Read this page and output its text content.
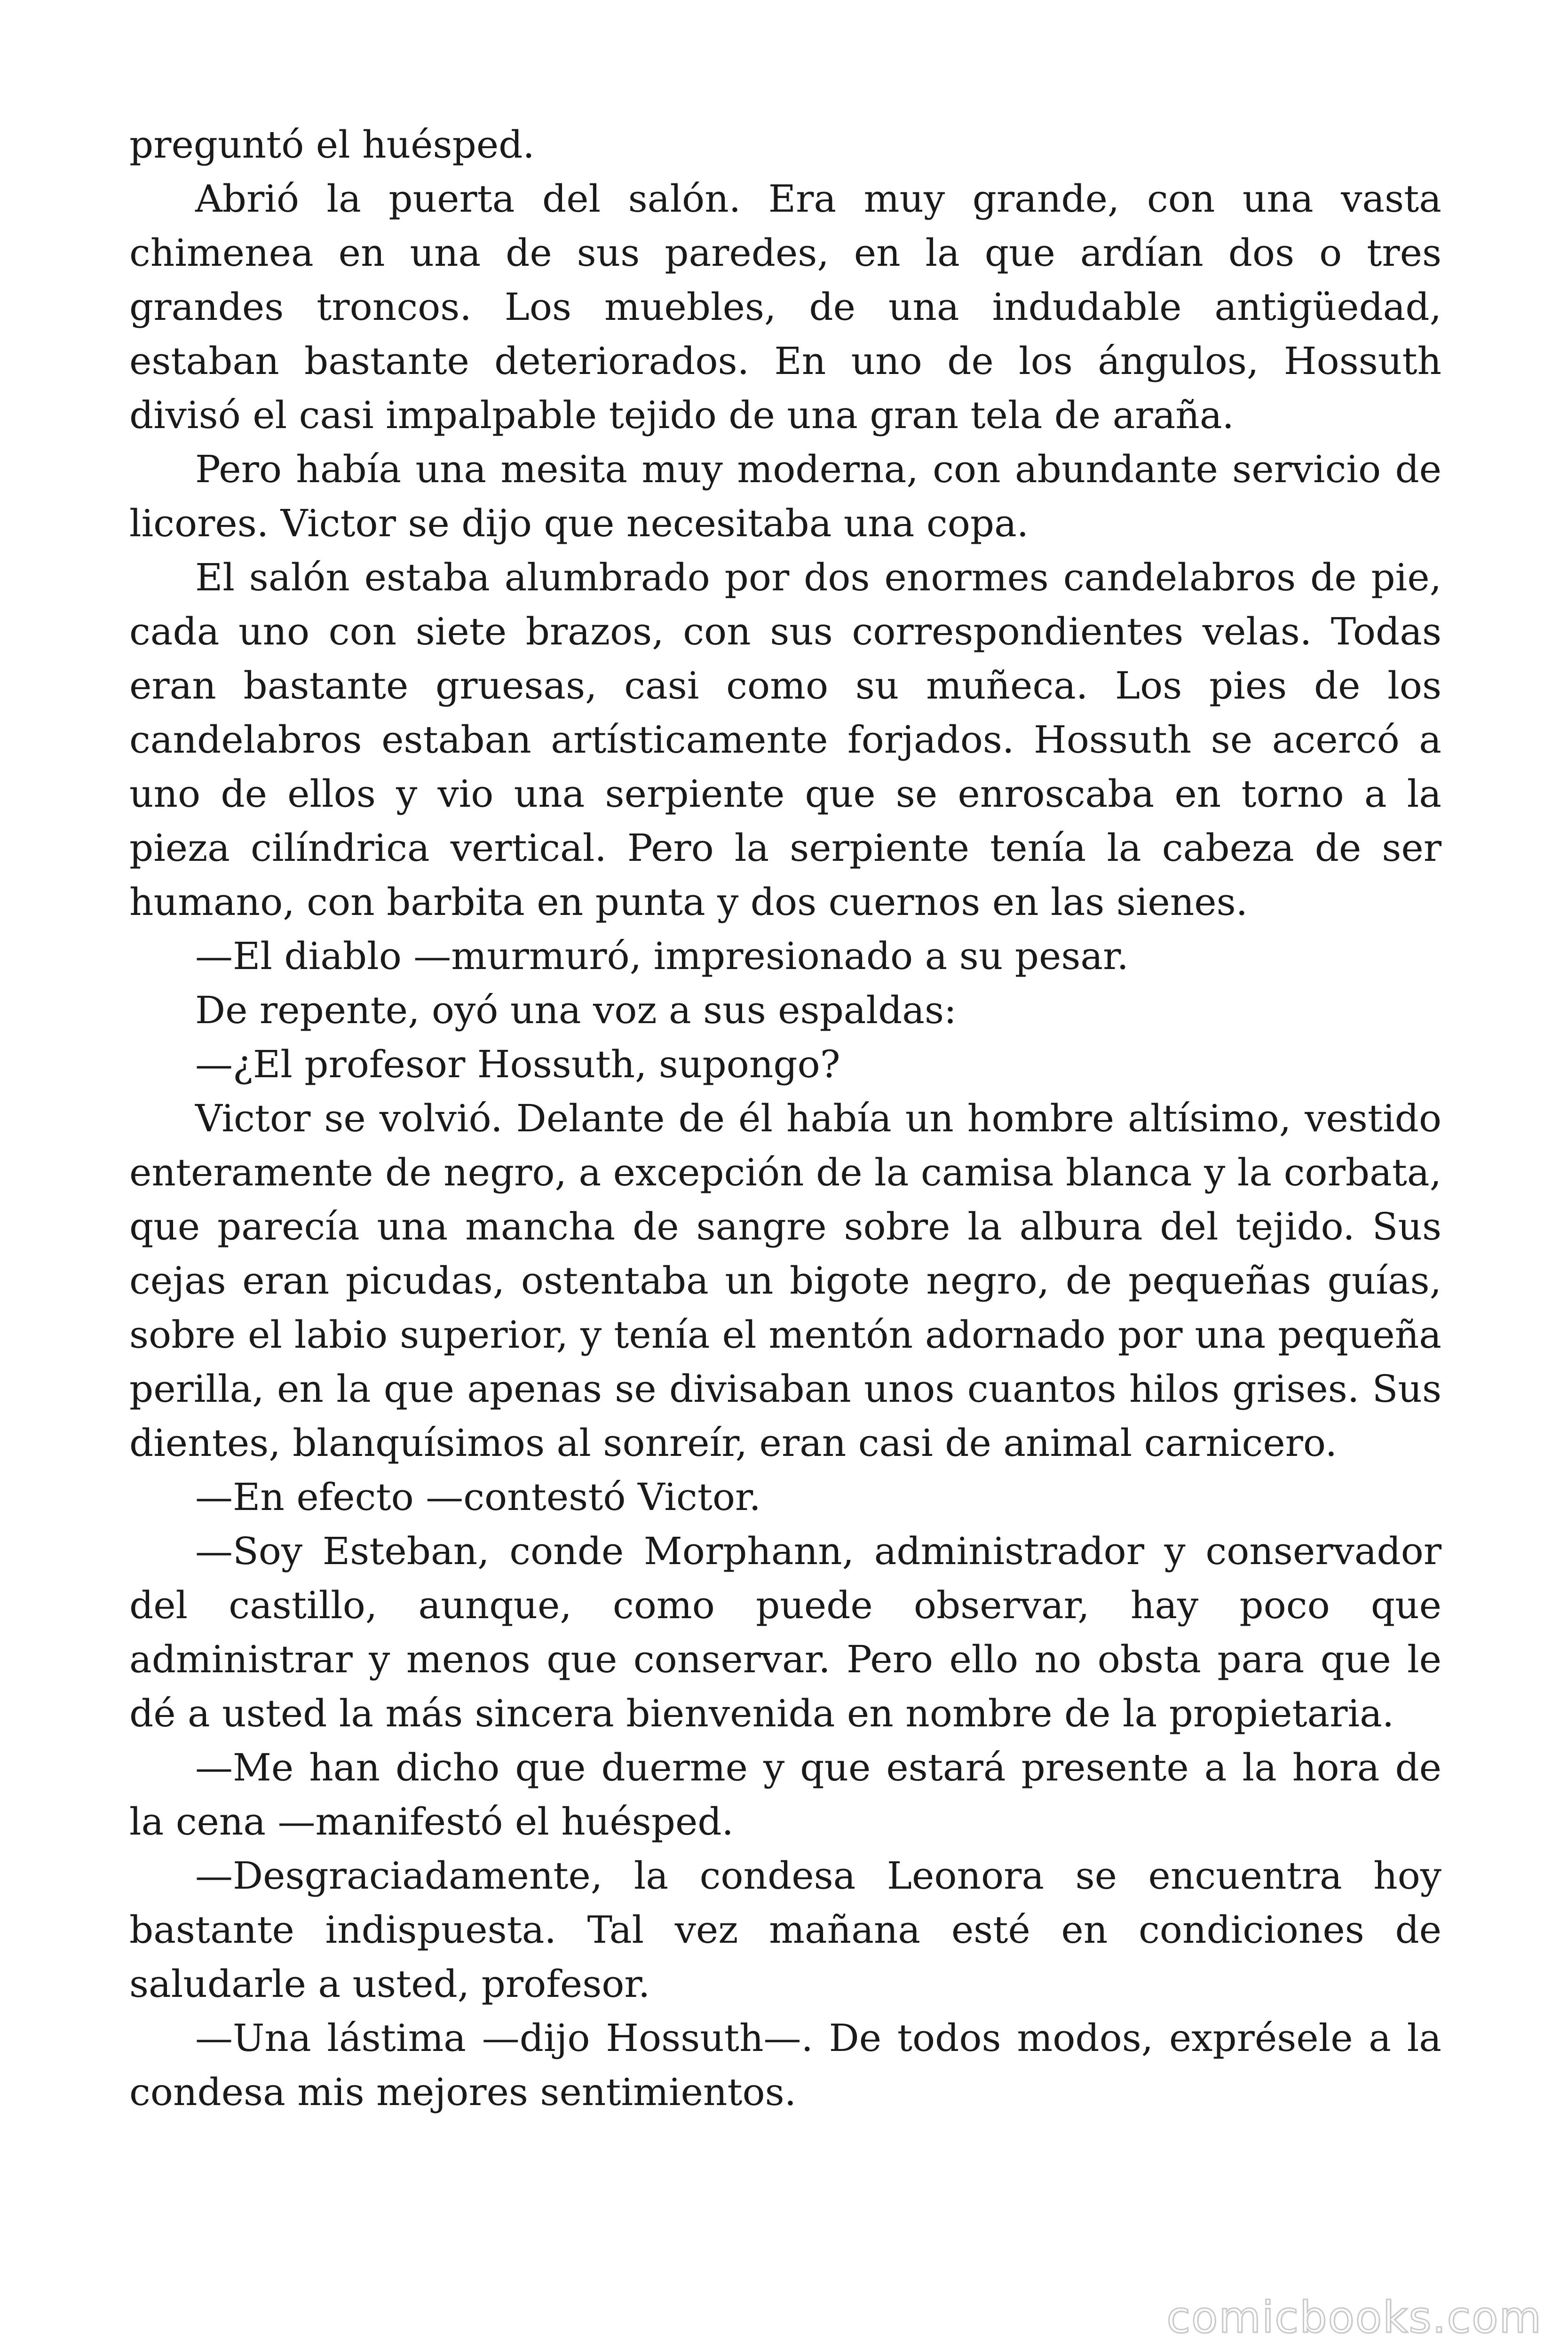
preguntó el huésped.

Abrió la puerta del salón. Era muy grande, con una vasta chimenea en una de sus paredes, en la que ardían dos o tres grandes troncos. Los muebles, de una indudable antigüedad, estaban bastante deteriorados. En uno de los ángulos, Hossuth divisó el casi impalpable tejido de una gran tela de araña.

Pero había una mesita muy moderna, con abundante servicio de licores. Victor se dijo que necesitaba una copa.

El salón estaba alumbrado por dos enormes candelabros de pie, cada uno con siete brazos, con sus correspondientes velas. Todas eran bastante gruesas, casi como su muñeca. Los pies de los candelabros estaban artísticamente forjados. Hossuth se acercó a uno de ellos y vio una serpiente que se enroscaba en torno a la pieza cilíndrica vertical. Pero la serpiente tenía la cabeza de ser humano, con barbita en punta y dos cuernos en las sienes.

—El diablo —murmuró, impresionado a su pesar.

De repente, oyó una voz a sus espaldas:

—¿El profesor Hossuth, supongo?

Victor se volvió. Delante de él había un hombre altísimo, vestido enteramente de negro, a excepción de la camisa blanca y la corbata, que parecía una mancha de sangre sobre la albura del tejido. Sus cejas eran picudas, ostentaba un bigote negro, de pequeñas guías, sobre el labio superior, y tenía el mentón adornado por una pequeña perilla, en la que apenas se divisaban unos cuantos hilos grises. Sus dientes, blanquísimos al sonreír, eran casi de animal carnicero.

—En efecto —contestó Victor.

—Soy Esteban, conde Morphann, administrador y conservador del castillo, aunque, como puede observar, hay poco que administrar y menos que conservar. Pero ello no obsta para que le dé a usted la más sincera bienvenida en nombre de la propietaria.

—Me han dicho que duerme y que estará presente a la hora de la cena —manifestó el huésped.

—Desgraciadamente, la condesa Leonora se encuentra hoy bastante indispuesta. Tal vez mañana esté en condiciones de saludarle a usted, profesor.

—Una lástima —dijo Hossuth—. De todos modos, exprésele a la condesa mis mejores sentimientos.

comicbooks.com
